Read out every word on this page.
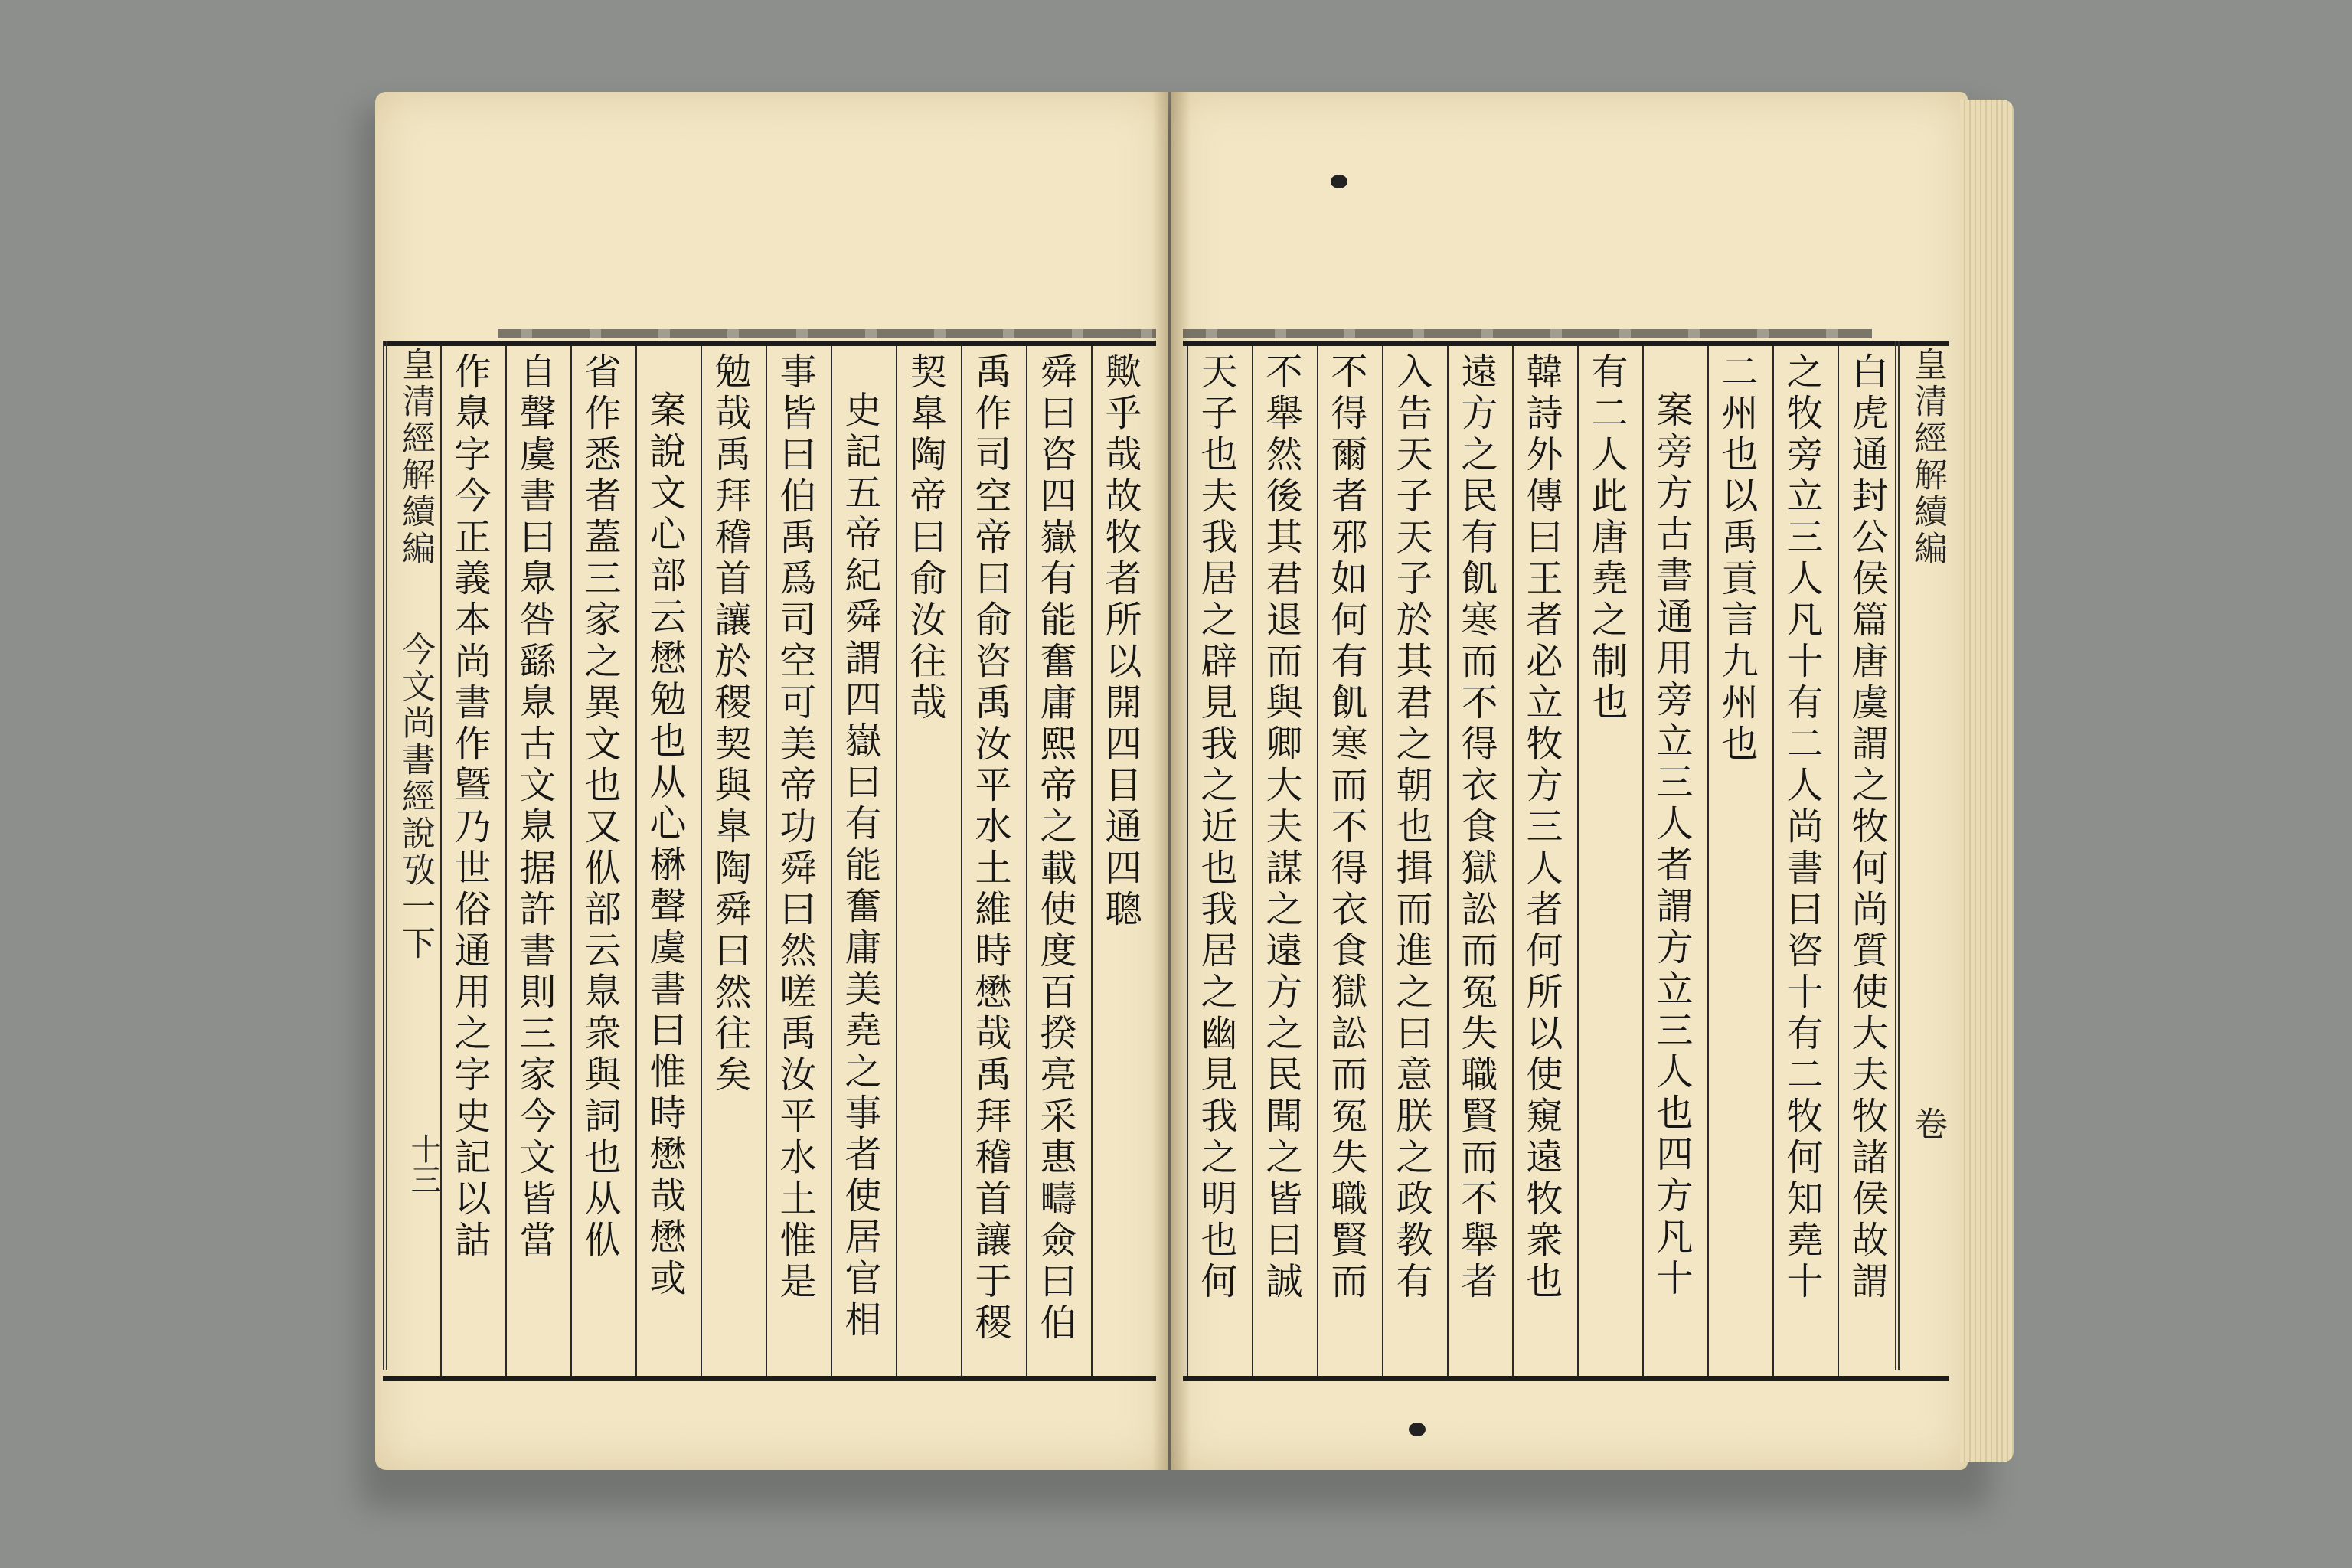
歟乎哉故牧者所以開四目通四聰
舜曰咨四嶽有能奮庸熙帝之載使度百揆亮采惠疇僉曰伯
禹作司空帝曰俞咨禹汝平水土維時懋哉禹拜稽首讓于稷
契臯陶帝曰俞汝往哉
史記五帝紀舜謂四嶽曰有能奮庸美堯之事者使居官相
事皆曰伯禹爲司空可美帝功舜曰然嗟禹汝平水土惟是
勉哉禹拜稽首讓於稷契與臯陶舜曰然往矣
案說文心部云懋勉也从心楙聲虞書曰惟時懋哉懋或
省作悉者蓋三家之異文也又㐺部云臮衆與詞也从㐺
自聲虞書曰臮咎繇臮古文臮据許書則三家今文皆當
作臮字今正義本尚書作曁乃世俗通用之字史記以詁
皇清經解續編
今文尚書經說攷一下
十三	白虎通封公侯篇唐虞謂之牧何尚質使大夫牧諸侯故謂
之牧旁立三人凡十有二人尚書曰咨十有二牧何知堯十
二州也以禹貢言九州也
案旁方古書通用旁立三人者謂方立三人也四方凡十
有二人此唐堯之制也
韓詩外傳曰王者必立牧方三人者何所以使窺遠牧衆也
遠方之民有飢寒而不得衣食獄訟而冤失職賢而不舉者
入告天子天子於其君之朝也揖而進之曰意朕之政教有
不得爾者邪如何有飢寒而不得衣食獄訟而冤失職賢而
不舉然後其君退而與卿大夫謀之遠方之民聞之皆曰誠
天子也夫我居之辟見我之近也我居之幽見我之明也何	皇清經解續編
卷
